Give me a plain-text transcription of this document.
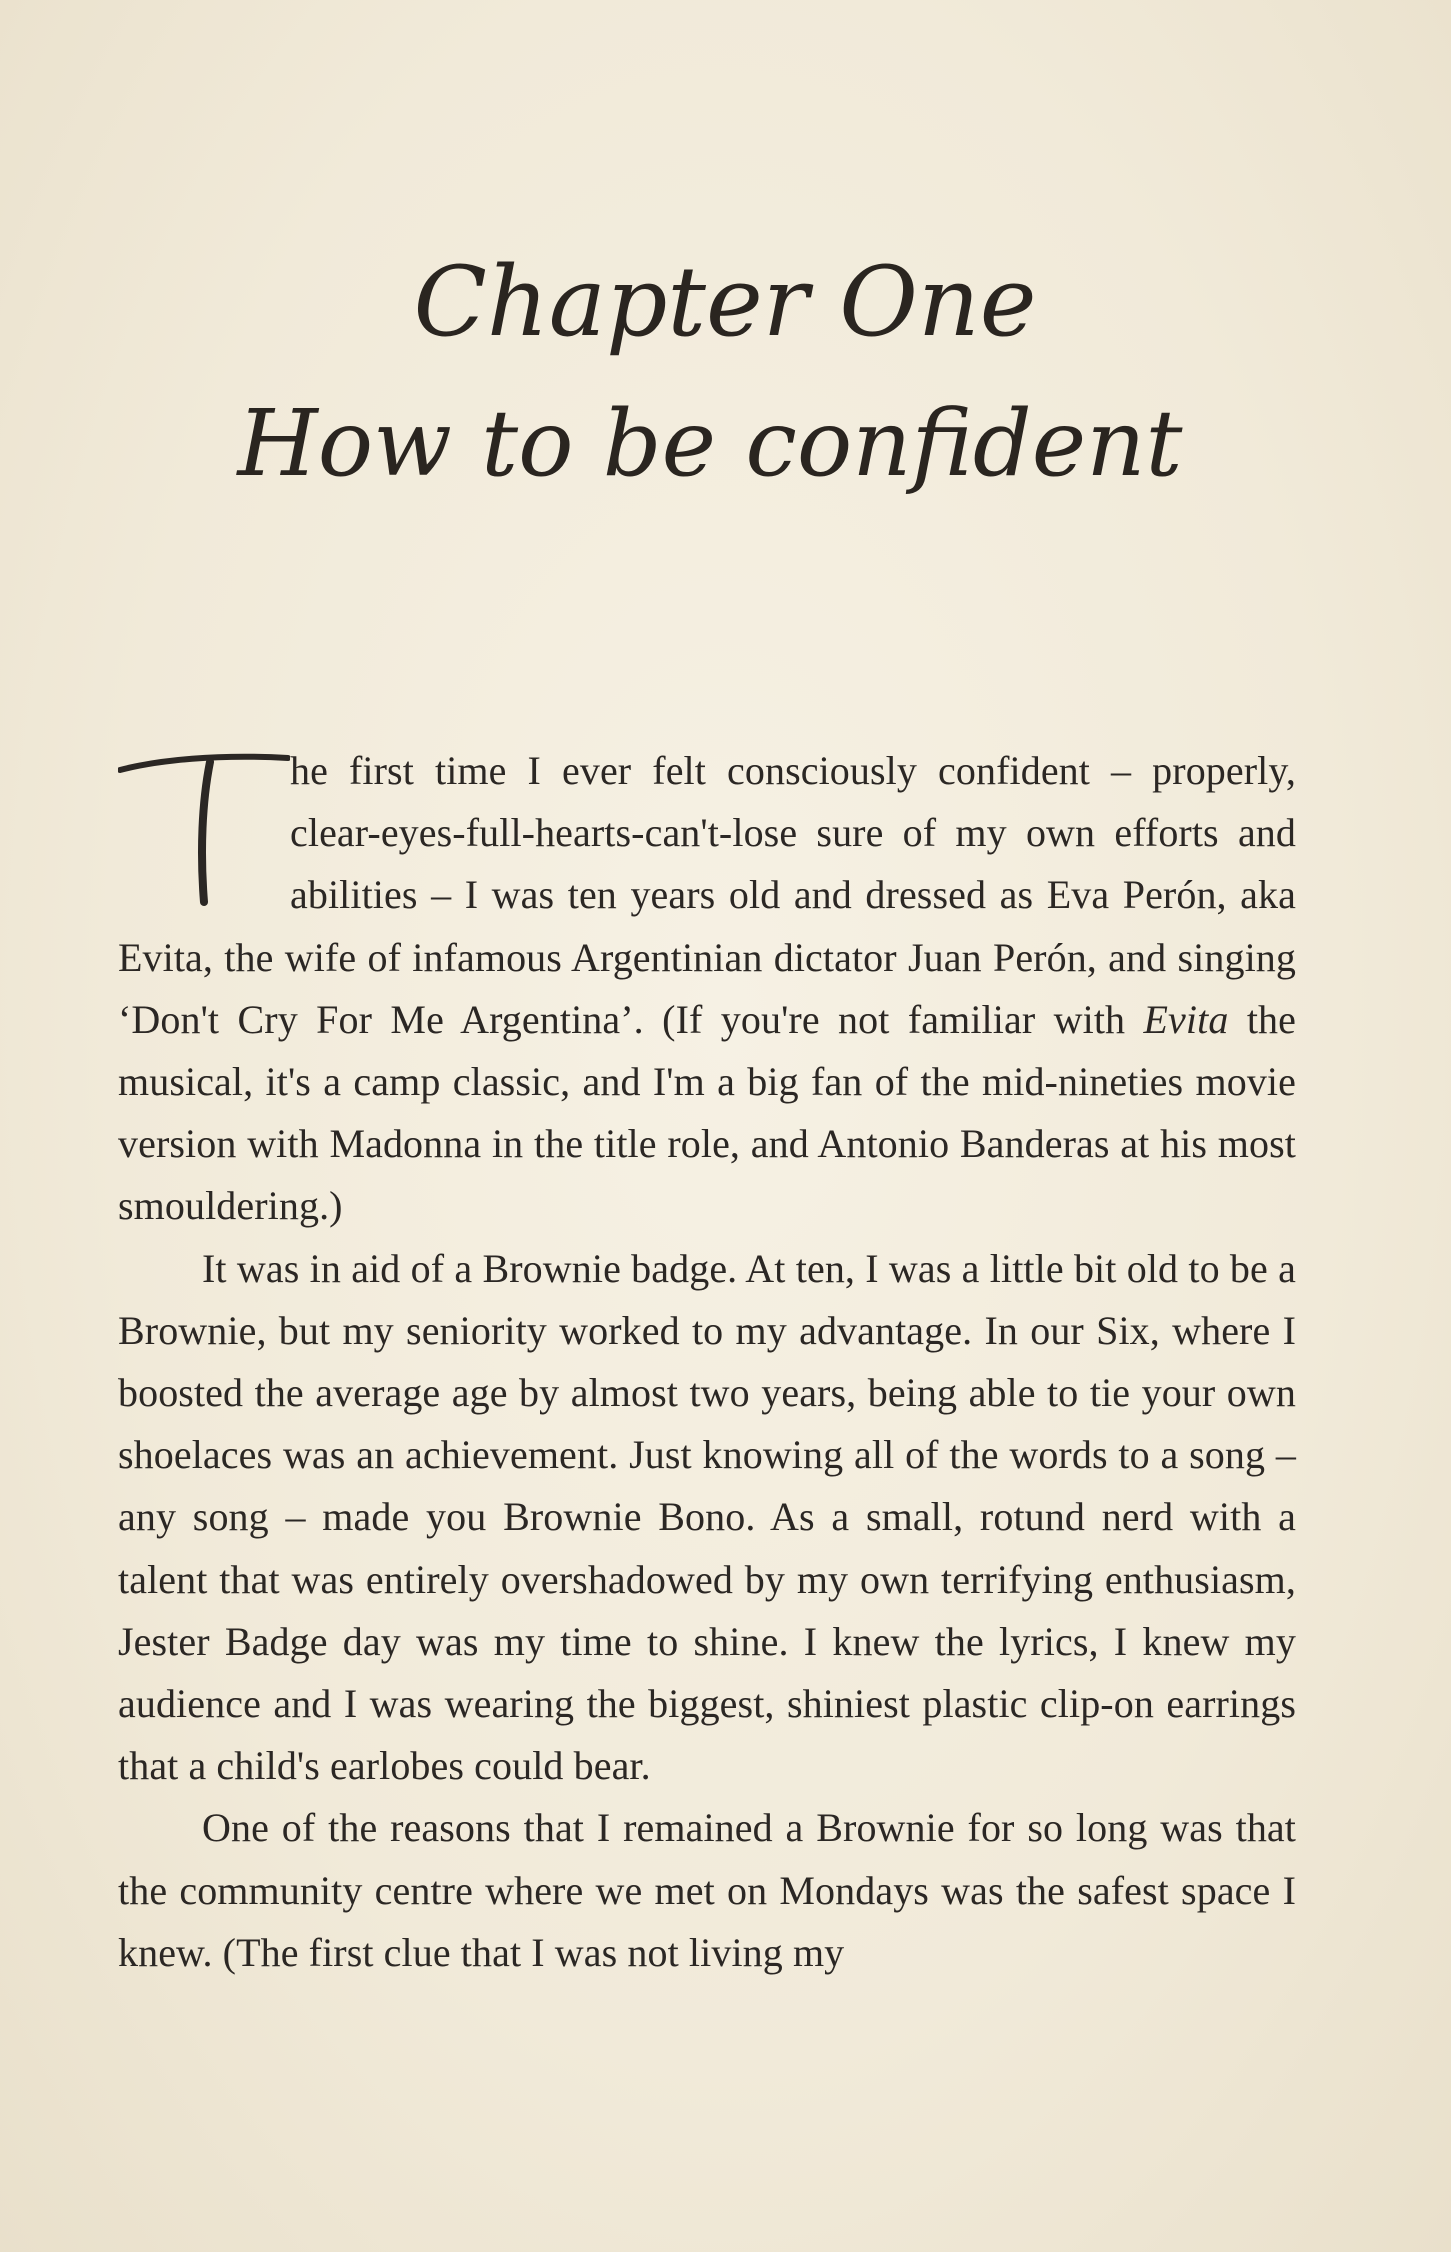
Chapter One
How to be confident

he first time I ever felt consciously confident – properly, clear-eyes-full-hearts-can't-lose sure of my own efforts and abilities – I was ten years old and dressed as Eva Perón, aka Evita, the wife of infamous Argentinian dictator Juan Perón, and singing ‘Don't Cry For Me Argentina’. (If you're not familiar with Evita the musical, it's a camp classic, and I'm a big fan of the mid-nineties movie version with Madonna in the title role, and Antonio Banderas at his most smouldering.)

It was in aid of a Brownie badge. At ten, I was a little bit old to be a Brownie, but my seniority worked to my advantage. In our Six, where I boosted the average age by almost two years, being able to tie your own shoelaces was an achievement. Just knowing all of the words to a song – any song – made you Brownie Bono. As a small, rotund nerd with a talent that was entirely overshadowed by my own terrifying enthusiasm, Jester Badge day was my time to shine. I knew the lyrics, I knew my audience and I was wearing the biggest, shiniest plastic clip-on earrings that a child's earlobes could bear.

One of the reasons that I remained a Brownie for so long was that the community centre where we met on Mondays was the safest space I knew. (The first clue that I was not living my
